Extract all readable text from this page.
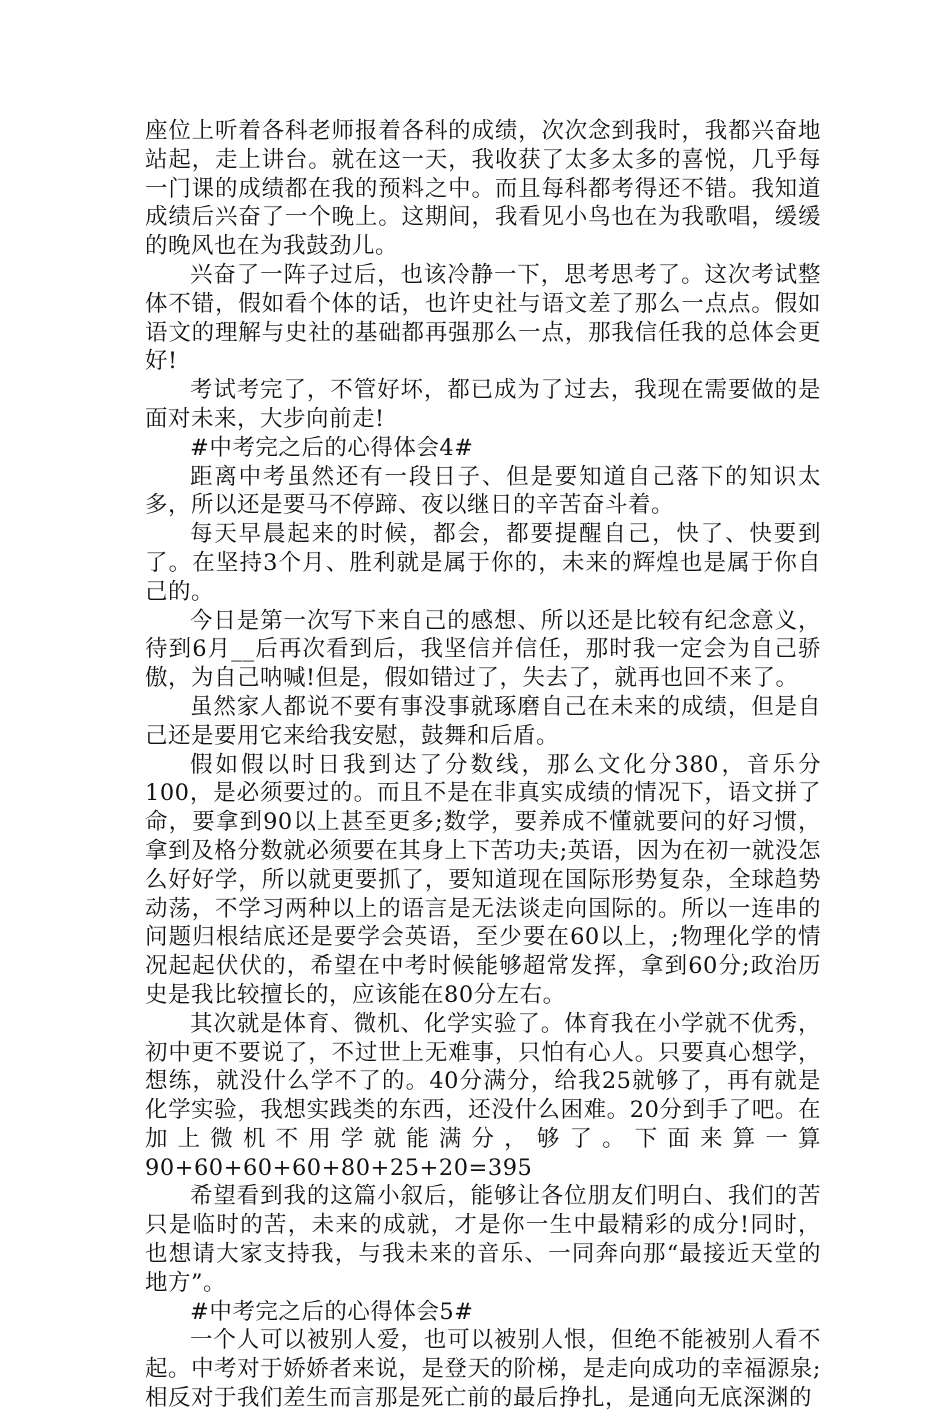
座位上听着各科老师报着各科的成绩，次次念到我时，我都兴奋地站起，走上讲台。就在这一天，我收获了太多太多的喜悦，几乎每一门课的成绩都在我的预料之中。而且每科都考得还不错。我知道成绩后兴奋了一个晚上。这期间，我看见小鸟也在为我歌唱，缓缓的晚风也在为我鼓劲儿。

兴奋了一阵子过后，也该冷静一下，思考思考了。这次考试整体不错，假如看个体的话，也许史社与语文差了那么一点点。假如语文的理解与史社的基础都再强那么一点，那我信任我的总体会更好!

考试考完了，不管好坏，都已成为了过去，我现在需要做的是面对未来，大步向前走!

#中考完之后的心得体会4#

距离中考虽然还有一段日子、但是要知道自己落下的知识太多，所以还是要马不停蹄、夜以继日的辛苦奋斗着。

每天早晨起来的时候，都会，都要提醒自己，快了、快要到了。在坚持3个月、胜利就是属于你的，未来的辉煌也是属于你自己的。

今日是第一次写下来自己的感想、所以还是比较有纪念意义，待到6月__后再次看到后，我坚信并信任，那时我一定会为自己骄傲，为自己呐喊!但是，假如错过了，失去了，就再也回不来了。

虽然家人都说不要有事没事就琢磨自己在未来的成绩，但是自己还是要用它来给我安慰，鼓舞和后盾。

假如假以时日我到达了分数线，那么文化分380，音乐分100，是必须要过的。而且不是在非真实成绩的情况下，语文拼了命，要拿到90以上甚至更多;数学，要养成不懂就要问的好习惯，拿到及格分数就必须要在其身上下苦功夫;英语，因为在初一就没怎么好好学，所以就更要抓了，要知道现在国际形势复杂，全球趋势动荡，不学习两种以上的语言是无法谈走向国际的。所以一连串的问题归根结底还是要学会英语，至少要在60以上，;物理化学的情况起起伏伏的，希望在中考时候能够超常发挥，拿到60分;政治历史是我比较擅长的，应该能在80分左右。

其次就是体育、微机、化学实验了。体育我在小学就不优秀，初中更不要说了，不过世上无难事，只怕有心人。只要真心想学，想练，就没什么学不了的。40分满分，给我25就够了，再有就是化学实验，我想实践类的东西，还没什么困难。20分到手了吧。在加上微机不用学就能满分，够了。下面来算一算

90+60+60+60+80+25+20=395

希望看到我的这篇小叙后，能够让各位朋友们明白、我们的苦只是临时的苦，未来的成就，才是你一生中最精彩的成分!同时，也想请大家支持我，与我未来的音乐、一同奔向那“最接近天堂的地方”。

#中考完之后的心得体会5#

一个人可以被别人爱，也可以被别人恨，但绝不能被别人看不起。中考对于娇娇者来说，是登天的阶梯，是走向成功的幸福源泉;相反对于我们差生而言那是死亡前的最后挣扎，是通向无底深渊的
